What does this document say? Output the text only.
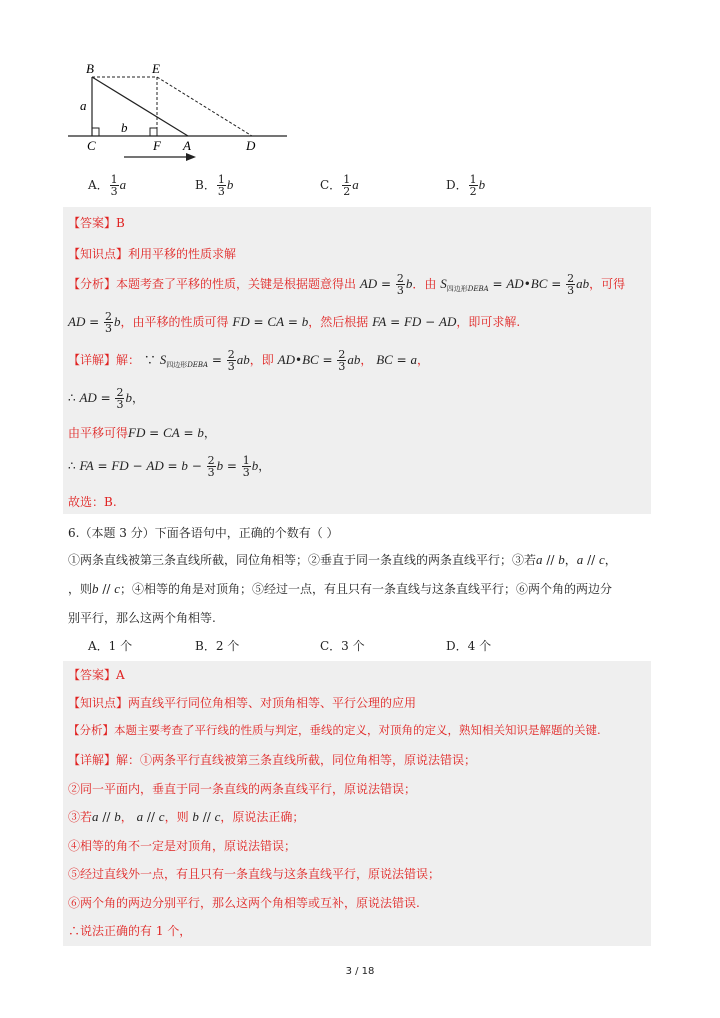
B	E
a
b
C	F A	D
A． $\frac{1}{3}$ a	B． $\frac{1}{3}$ b	C． $\frac{1}{2}$ a	D． $\frac{1}{2}$ b
【答案】B
【知识点】利用平移的性质求解
【分析】本题考查了平移的性质，关键是根据题意得出 AD = $\frac{2}{3}$ b．由 $S_{四边形DEBA}$ = AD•BC = $\frac{2}{3}$ ab，可得
AD = $\frac{2}{3}$ b，由平移的性质可得 FD = CA = b，然后根据 FA = FD − AD，即可求解.
【详解】解： ∵ $S_{四边形DEBA} = \frac{2}{3}$ ab，即 AD•BC = $\frac{2}{3}$ ab， BC = a，
∴ AD = $\frac{2}{3}$ b，
由平移可得FD = CA = b，
∴ FA = FD − AD = $b - \frac{2}{3}$ $b = \frac{1}{3}$ b，
故选：B.
6.（本题 3 分）下面各语句中，正确的个数有（ ）
①两条直线被第三条直线所截，同位角相等；②垂直于同一条直线的两条直线平行；③若a // b，a // c，
，则b // c；④相等的角是对顶角；⑤经过一点，有且只有一条直线与这条直线平行；⑥两个角的两边分
别平行，那么这两个角相等.
A．1 个	B．2 个	C．3 个	D．4 个
【答案】A
【知识点】两直线平行同位角相等、对顶角相等、平行公理的应用
【分析】本题主要考查了平行线的性质与判定，垂线的定义，对顶角的定义，熟知相关知识是解题的关键.
【详解】解：①两条平行直线被第三条直线所截，同位角相等，原说法错误；
②同一平面内，垂直于同一条直线的两条直线平行，原说法错误；
③若a // b， a // c，则 b // c，原说法正确；
④相等的角不一定是对顶角，原说法错误；
⑤经过直线外一点，有且只有一条直线与这条直线平行，原说法错误；
⑥两个角的两边分别平行，那么这两个角相等或互补，原说法错误.
∴说法正确的有 1 个，
3 / 18
